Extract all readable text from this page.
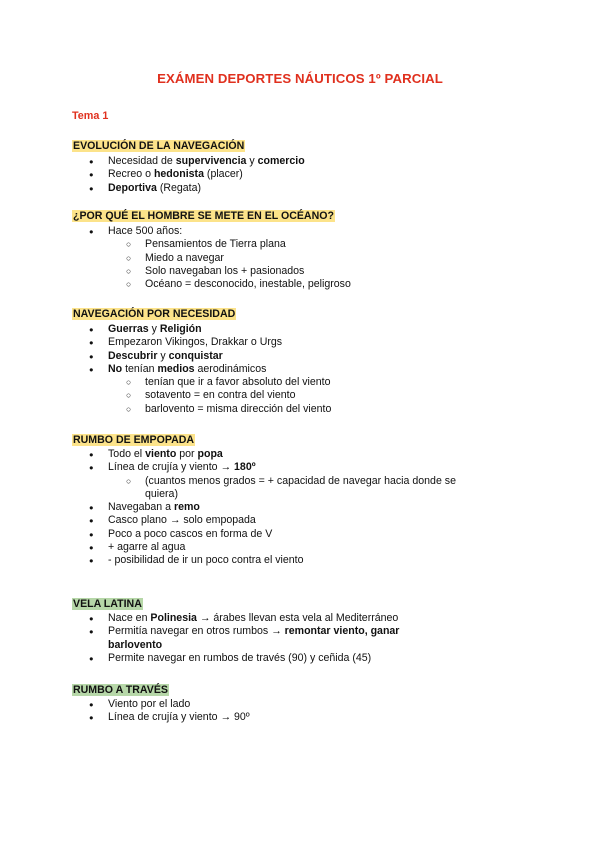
EXÁMEN DEPORTES NÁUTICOS 1º PARCIAL
Tema 1
EVOLUCIÓN DE LA NAVEGACIÓN
● Necesidad de supervivencia y comercio
● Recreo o hedonista (placer)
● Deportiva (Regata)
¿POR QUÉ EL HOMBRE SE METE EN EL OCÉANO?
● Hace 500 años:
○ Pensamientos de Tierra plana
○ Miedo a navegar
○ Solo navegaban los + pasionados
○ Océano = desconocido, inestable, peligroso
NAVEGACIÓN POR NECESIDAD
● Guerras y Religión
● Empezaron Vikingos, Drakkar o Urgs
● Descubrir y conquistar
● No tenían medios aerodinámicos
○ tenían que ir a favor absoluto del viento
○ sotavento = en contra del viento
○ barlovento = misma dirección del viento
RUMBO DE EMPOPADA
● Todo el viento por popa
● Línea de crujía y viento → 180º
○ (cuantos menos grados = + capacidad de navegar hacia donde se quiera)
● Navegaban a remo
● Casco plano → solo empopada
● Poco a poco cascos en forma de V
● + agarre al agua
● - posibilidad de ir un poco contra el viento
VELA LATINA
● Nace en Polinesia → árabes llevan esta vela al Mediterráneo
● Permitía navegar en otros rumbos → remontar viento, ganar barlovento
● Permite navegar en rumbos de través (90) y ceñida (45)
RUMBO A TRAVÉS
● Viento por el lado
● Línea de crujía y viento → 90º
